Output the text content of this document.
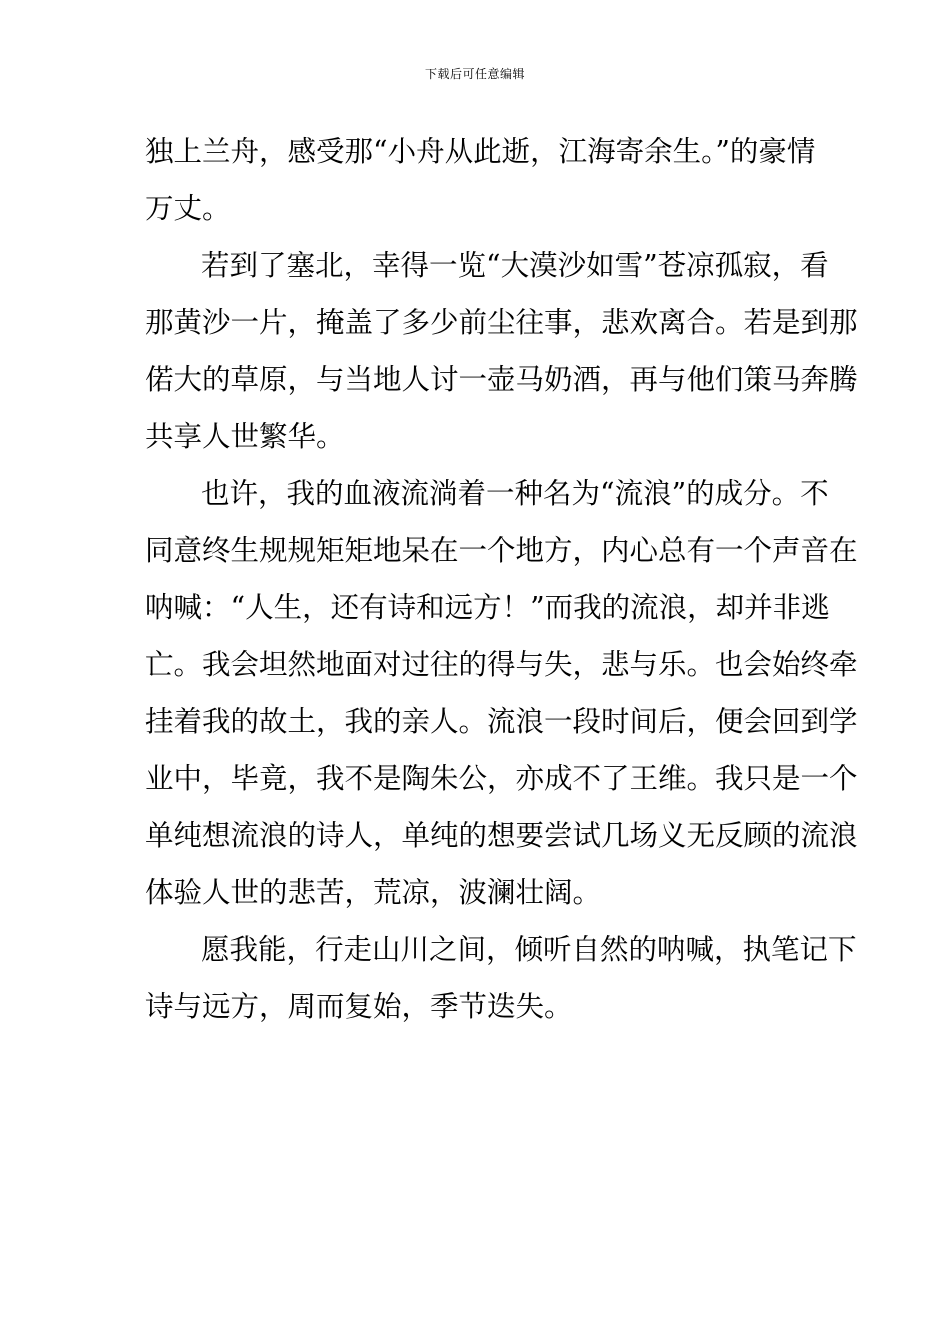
下载后可任意编辑
独上兰舟，感受那“小舟从此逝，江海寄余生。”的豪情
万丈。
若到了塞北，幸得一览“大漠沙如雪”苍凉孤寂，看
那黄沙一片，掩盖了多少前尘往事，悲欢离合。若是到那
偌大的草原，与当地人讨一壶马奶酒，再与他们策马奔腾
共享人世繁华。
也许，我的血液流淌着一种名为“流浪”的成分。不
同意终生规规矩矩地呆在一个地方，内心总有一个声音在
呐喊：“人生，还有诗和远方！”而我的流浪，却并非逃
亡。我会坦然地面对过往的得与失，悲与乐。也会始终牵
挂着我的故土，我的亲人。流浪一段时间后，便会回到学
业中，毕竟，我不是陶朱公，亦成不了王维。我只是一个
单纯想流浪的诗人，单纯的想要尝试几场义无反顾的流浪
体验人世的悲苦，荒凉，波澜壮阔。
愿我能，行走山川之间，倾听自然的呐喊，执笔记下
诗与远方，周而复始，季节迭失。
